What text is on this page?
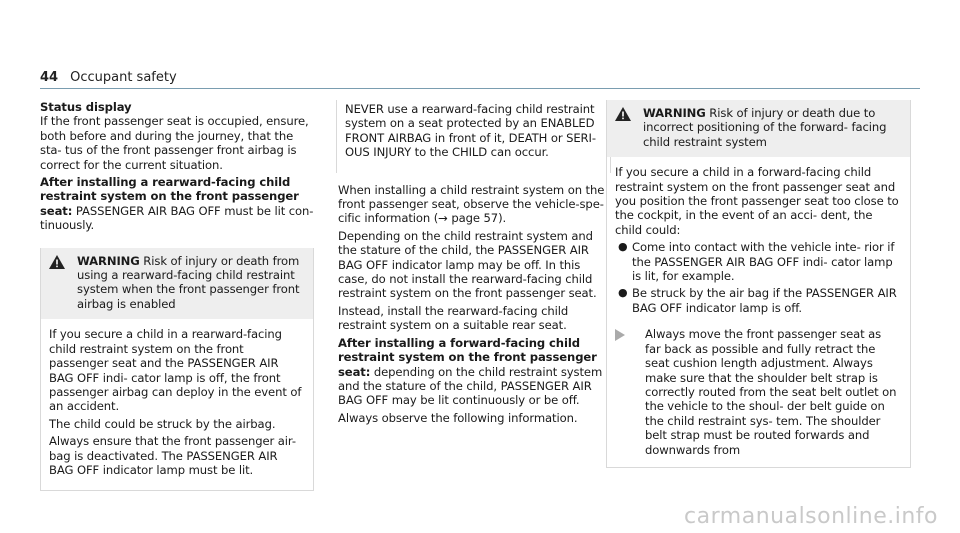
44 Occupant safety

Status display

If the front passenger seat is occupied, ensure, both before and during the journey, that the sta- tus of the front passenger front airbag is correct for the current situation.

After installing a rearward-facing child restraint system on the front passenger seat: PASSENGER AIR BAG OFF must be lit con- tinuously.

WARNING Risk of injury or death from using a rearward-facing child restraint system when the front passenger front airbag is enabled

If you secure a child in a rearward-facing child restraint system on the front passenger seat and the PASSENGER AIR BAG OFF indi- cator lamp is off, the front passenger airbag can deploy in the event of an accident.

The child could be struck by the airbag.

Always ensure that the front passenger air- bag is deactivated. The PASSENGER AIR BAG OFF indicator lamp must be lit.

NEVER use a rearward-facing child restraint system on a seat protected by an ENABLED FRONT AIRBAG in front of it, DEATH or SERI- OUS INJURY to the CHILD can occur.

When installing a child restraint system on the front passenger seat, observe the vehicle-spe- cific information (→ page 57).

Depending on the child restraint system and the stature of the child, the PASSENGER AIR BAG OFF indicator lamp may be off. In this case, do not install the rearward-facing child restraint system on the front passenger seat.

Instead, install the rearward-facing child restraint system on a suitable rear seat.

After installing a forward-facing child restraint system on the front passenger seat: depending on the child restraint system and the stature of the child, PASSENGER AIR BAG OFF may be lit continuously or be off.

Always observe the following information.

WARNING Risk of injury or death due to incorrect positioning of the forward- facing child restraint system

If you secure a child in a forward-facing child restraint system on the front passenger seat and you position the front passenger seat too close to the cockpit, in the event of an acci- dent, the child could:

● Come into contact with the vehicle inte- rior if the PASSENGER AIR BAG OFF indi- cator lamp is lit, for example.
● Be struck by the air bag if the PASSENGER AIR BAG OFF indicator lamp is off.

Always move the front passenger seat as far back as possible and fully retract the seat cushion length adjustment. Always make sure that the shoulder belt strap is correctly routed from the seat belt outlet on the vehicle to the shoul- der belt guide on the child restraint sys- tem. The shoulder belt strap must be routed forwards and downwards from

carmanualsonline.info
